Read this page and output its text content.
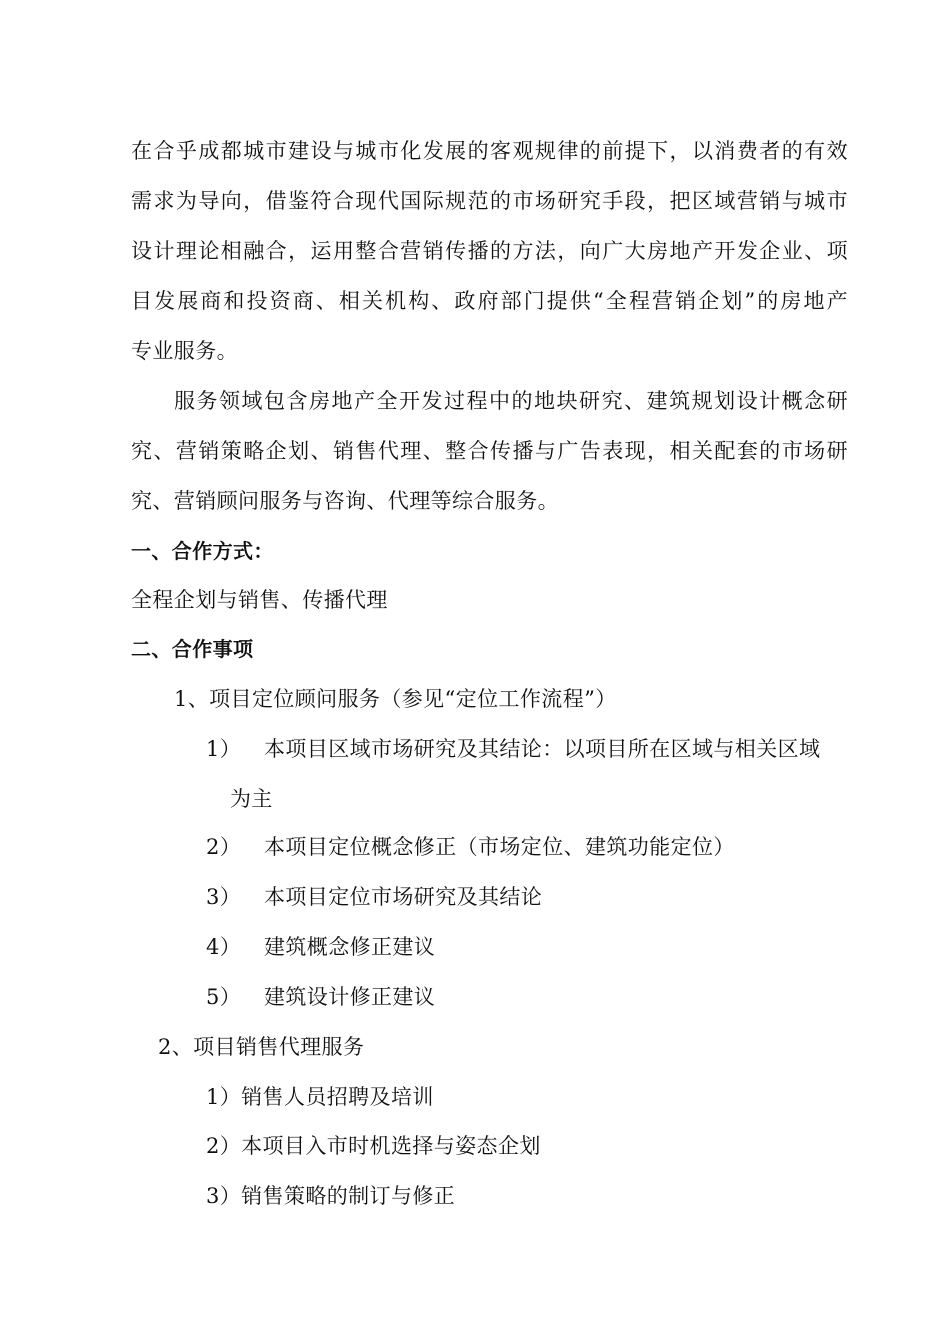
在合乎成都城市建设与城市化发展的客观规律的前提下，以消费者的有效
需求为导向，借鉴符合现代国际规范的市场研究手段，把区域营销与城市
设计理论相融合，运用整合营销传播的方法，向广大房地产开发企业、项
目发展商和投资商、相关机构、政府部门提供“全程营销企划”的房地产
专业服务。
服务领域包含房地产全开发过程中的地块研究、建筑规划设计概念研
究、营销策略企划、销售代理、整合传播与广告表现，相关配套的市场研
究、营销顾问服务与咨询、代理等综合服务。
一、合作方式：
全程企划与销售、传播代理
二、合作事项
1、项目定位顾问服务（参见“定位工作流程”）
1） 本项目区域市场研究及其结论：以项目所在区域与相关区域
为主
2） 本项目定位概念修正（市场定位、建筑功能定位）
3） 本项目定位市场研究及其结论
4） 建筑概念修正建议
5） 建筑设计修正建议
2、项目销售代理服务
1）销售人员招聘及培训
2）本项目入市时机选择与姿态企划
3）销售策略的制订与修正
